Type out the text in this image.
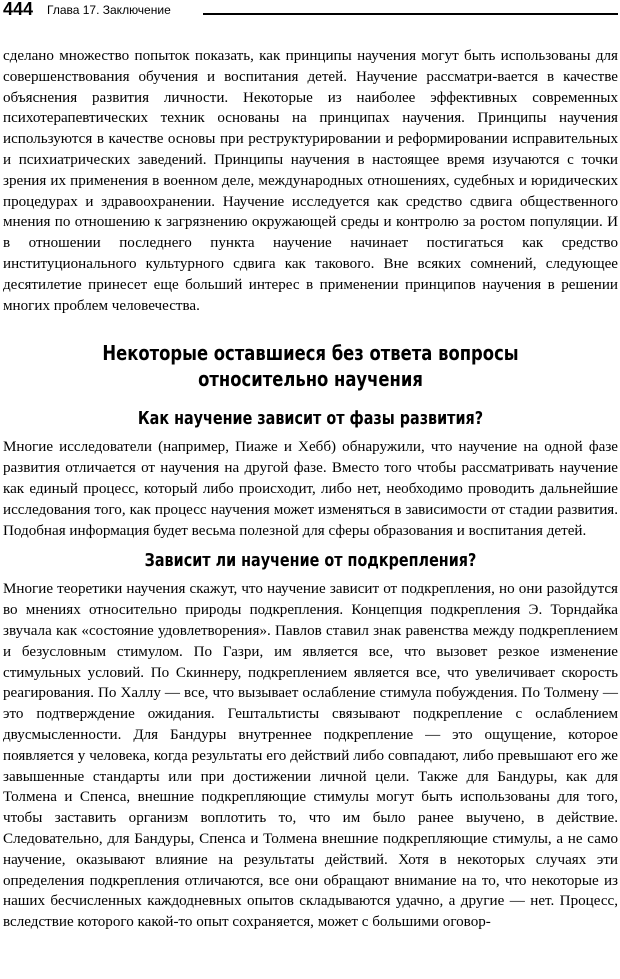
444 Глава 17. Заключение

сделано множество попыток показать, как принципы научения могут быть использованы для совершенствования обучения и воспитания детей. Научение рассматри-вается в качестве объяснения развития личности. Некоторые из наиболее эффективных современных психотерапевтических техник основаны на принципах научения. Принципы научения используются в качестве основы при реструктурировании и реформировании исправительных и психиатрических заведений. Принципы научения в настоящее время изучаются с точки зрения их применения в военном деле, международных отношениях, судебных и юридических процедурах и здравоохранении. Научение исследуется как средство сдвига общественного мнения по отношению к загрязнению окружающей среды и контролю за ростом популяции. И в отношении последнего пункта научение начинает постигаться как средство институционального культурного сдвига как такового. Вне всяких сомнений, следующее десятилетие принесет еще больший интерес в применении принципов научения в решении многих проблем человечества.

Некоторые оставшиеся без ответа вопросы
относительно научения
Как научение зависит от фазы развития?

Многие исследователи (например, Пиаже и Хебб) обнаружили, что научение на одной фазе развития отличается от научения на другой фазе. Вместо того чтобы рассматривать научение как единый процесс, который либо происходит, либо нет, необходимо проводить дальнейшие исследования того, как процесс научения может изменяться в зависимости от стадии развития. Подобная информация будет весьма полезной для сферы образования и воспитания детей.

Зависит ли научение от подкрепления?

Многие теоретики научения скажут, что научение зависит от подкрепления, но они разойдутся во мнениях относительно природы подкрепления. Концепция подкрепления Э. Торндайка звучала как «состояние удовлетворения». Павлов ставил знак равенства между подкреплением и безусловным стимулом. По Газри, им является все, что вызовет резкое изменение стимульных условий. По Скиннеру, подкреплением является все, что увеличивает скорость реагирования. По Халлу — все, что вызывает ослабление стимула побуждения. По Толмену — это подтверждение ожидания. Гештальтисты связывают подкрепление с ослаблением двусмысленности. Для Бандуры внутреннее подкрепление — это ощущение, которое появляется у человека, когда результаты его действий либо совпадают, либо превышают его же завышенные стандарты или при достижении личной цели. Также для Бандуры, как для Толмена и Спенса, внешние подкрепляющие стимулы могут быть использованы для того, чтобы заставить организм воплотить то, что им было ранее выучено, в действие. Следовательно, для Бандуры, Спенса и Толмена внешние подкрепляющие стимулы, а не само научение, оказывают влияние на результаты действий. Хотя в некоторых случаях эти определения подкрепления отличаются, все они обращают внимание на то, что некоторые из наших бесчисленных каждодневных опытов складываются удачно, а другие — нет. Процесс, вследствие которого какой-то опыт сохраняется, может с большими оговор-
